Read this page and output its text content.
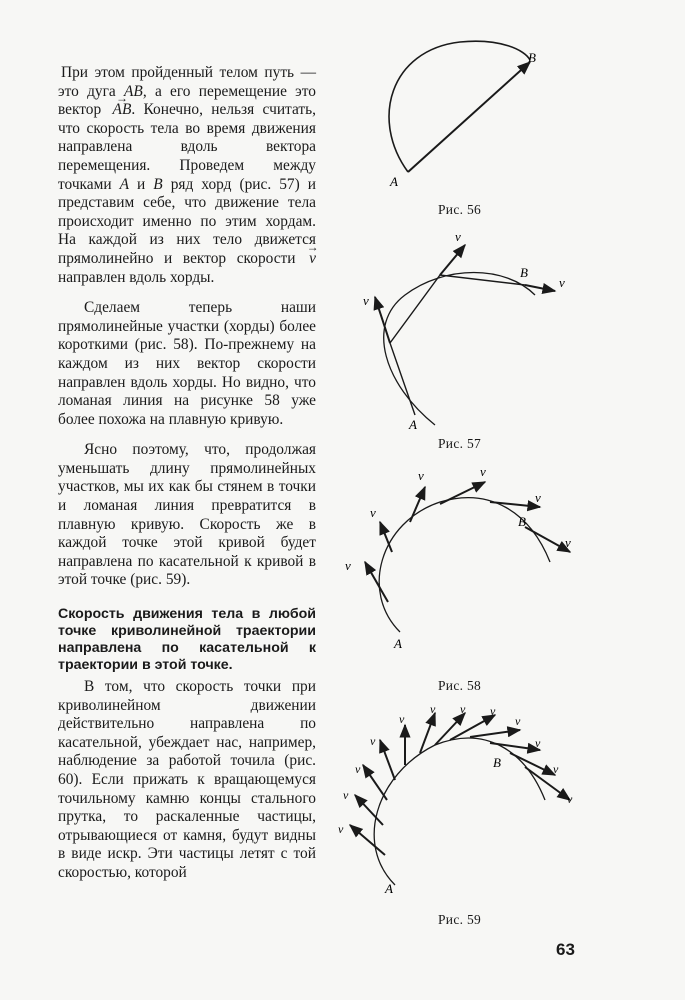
При этом пройденный телом путь — это дуга AB, а его перемещение это вектор → AB. Конечно, нельзя считать, что скорость тела во время движения направлена вдоль вектора перемещения. Проведем между точками A и B ряд хорд (рис. 57) и представим себе, что движение тела происходит именно по этим хордам. На каждой из них тело движется прямолинейно и вектор скорости → v направлен вдоль хорды.

Сделаем теперь наши прямолинейные участки (хорды) более короткими (рис. 58). По-прежнему на каждом из них вектор скорости направлен вдоль хорды. Но видно, что ломаная линия на рисунке 58 уже более похожа на плавную кривую.

Ясно поэтому, что, продолжая уменьшать длину прямолинейных участков, мы их как бы стянем в точки и ломаная линия превратится в плавную кривую. Скорость же в каждой точке этой кривой будет направлена по касательной к кривой в этой точке (рис. 59).

Скорость движения тела в любой точке криволинейной траектории направлена по касательной к траектории в этой точке.

В том, что скорость точки при криволинейном движении действительно направлена по касательной, убеждает нас, например, наблюдение за работой точила (рис. 60). Если прижать к вращающемуся точильному камню концы стального прутка, то раскаленные частицы, отрывающиеся от камня, будут видны в виде искр. Эти частицы летят с той скоростью, которой

A
B
Рис. 56
v
v
v
A
B
Рис. 57
v
v
v	v
v
v
A
B
Рис. 58
v
v
v
v
v
v v v
v
v
v
v
A
B
Рис. 59
63
